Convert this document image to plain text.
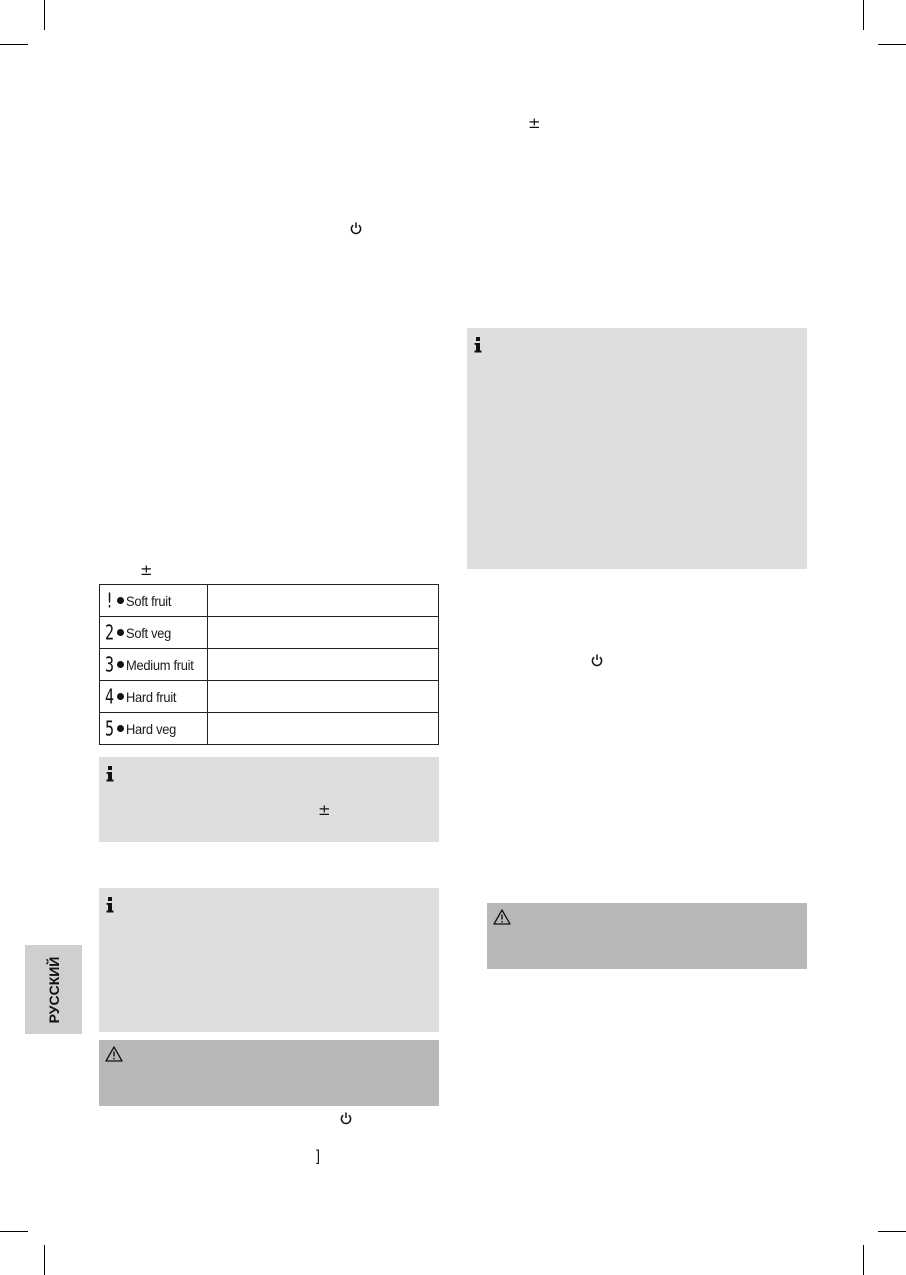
±
! Soft fruit	

2 Soft veg	

3 Medium fruit	

4 Hard fruit	

5 Hard veg	

±
]
РУССКИЙ
±
